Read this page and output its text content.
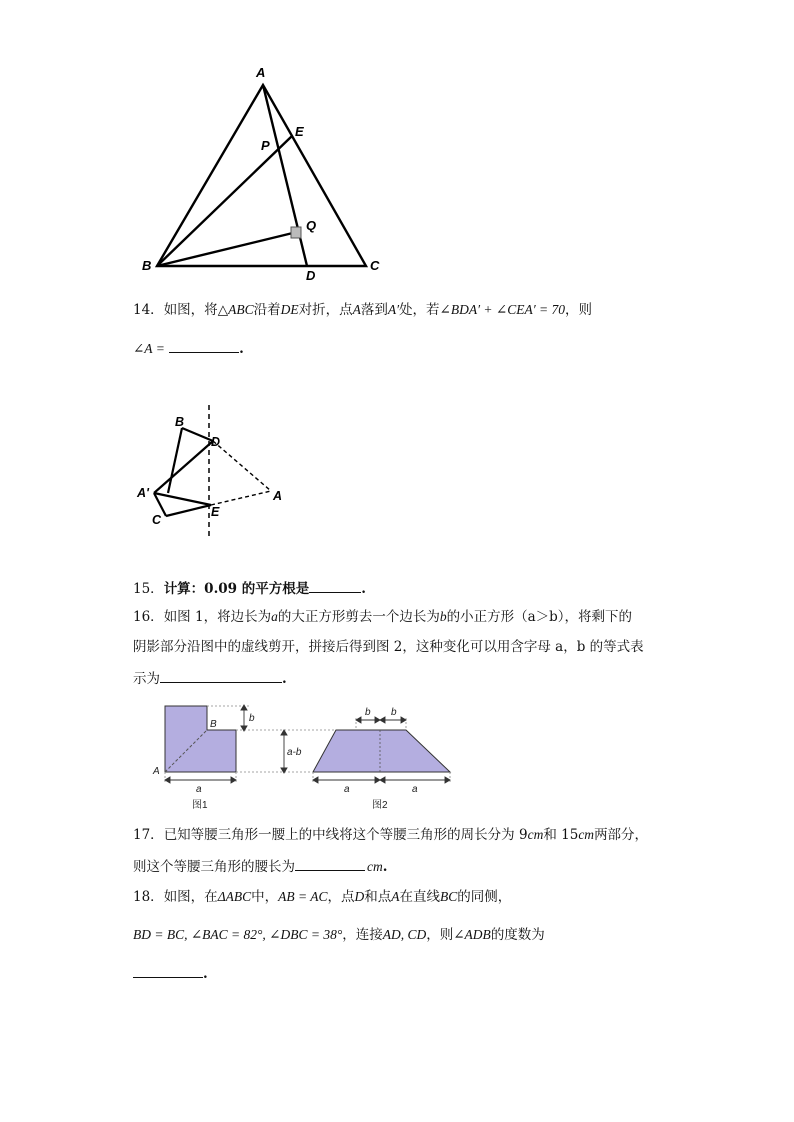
A
E
P
Q
B
D
C
14．如图，将△ABC沿着DE对折，点A落到A′处，若∠BDA′ + ∠CEA′ = 70，则
∠A =	.
B
D
A'	A
C
E
15．计算：0.09 的平方根是	.
16．如图 1，将边长为a的大正方形剪去一个边长为b的小正方形（a＞b），将剩下的
阴影部分沿图中的虚线剪开，拼接后得到图 2，这种变化可以用含字母 a，b 的等式表
示为	.
B
A
b
a-b
a
图1
b b
a	a
图2
17．已知等腰三角形一腰上的中线将这个等腰三角形的周长分为 9cm和 15cm两部分，
则这个等腰三角形的腰长为	cm.
18．如图，在ΔABC中，AB = AC，点D和点A在直线BC的同侧，
BD = BC, ∠BAC = 82°, ∠DBC = 38°，连接AD, CD，则∠ADB的度数为
.
